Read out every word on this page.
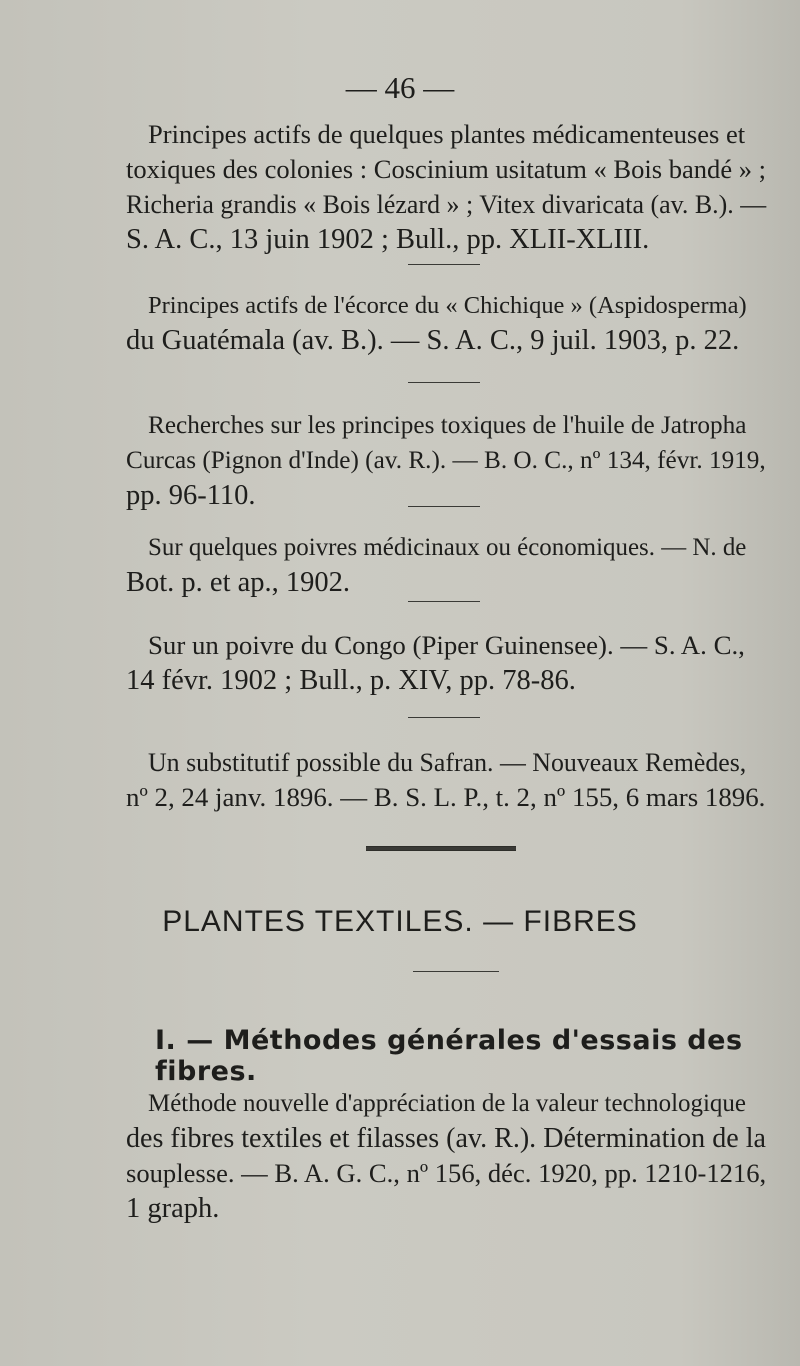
— 46 —

Principes actifs de quelques plantes médicamenteuses et
toxiques des colonies : Coscinium usitatum « Bois bandé » ;
Richeria grandis « Bois lézard » ; Vitex divaricata (av. B.). —
S. A. C., 13 juin 1902 ; Bull., pp. XLII-XLIII.

Principes actifs de l'écorce du « Chichique » (Aspidosperma)
du Guatémala (av. B.). — S. A. C., 9 juil. 1903, p. 22.

Recherches sur les principes toxiques de l'huile de Jatropha
Curcas (Pignon d'Inde) (av. R.). — B. O. C., nº 134, févr. 1919,
pp. 96-110.

Sur quelques poivres médicinaux ou économiques. — N. de
Bot. p. et ap., 1902.

Sur un poivre du Congo (Piper Guinensee). — S. A. C.,
14 févr. 1902 ; Bull., p. XIV, pp. 78-86.

Un substitutif possible du Safran. — Nouveaux Remèdes,
nº 2, 24 janv. 1896. — B. S. L. P., t. 2, nº 155, 6 mars 1896.

PLANTES TEXTILES. — FIBRES
I. — Méthodes générales d'essais des fibres.

Méthode nouvelle d'appréciation de la valeur technologique
des fibres textiles et filasses (av. R.). Détermination de la
souplesse. — B. A. G. C., nº 156, déc. 1920, pp. 1210-1216,
1 graph.
